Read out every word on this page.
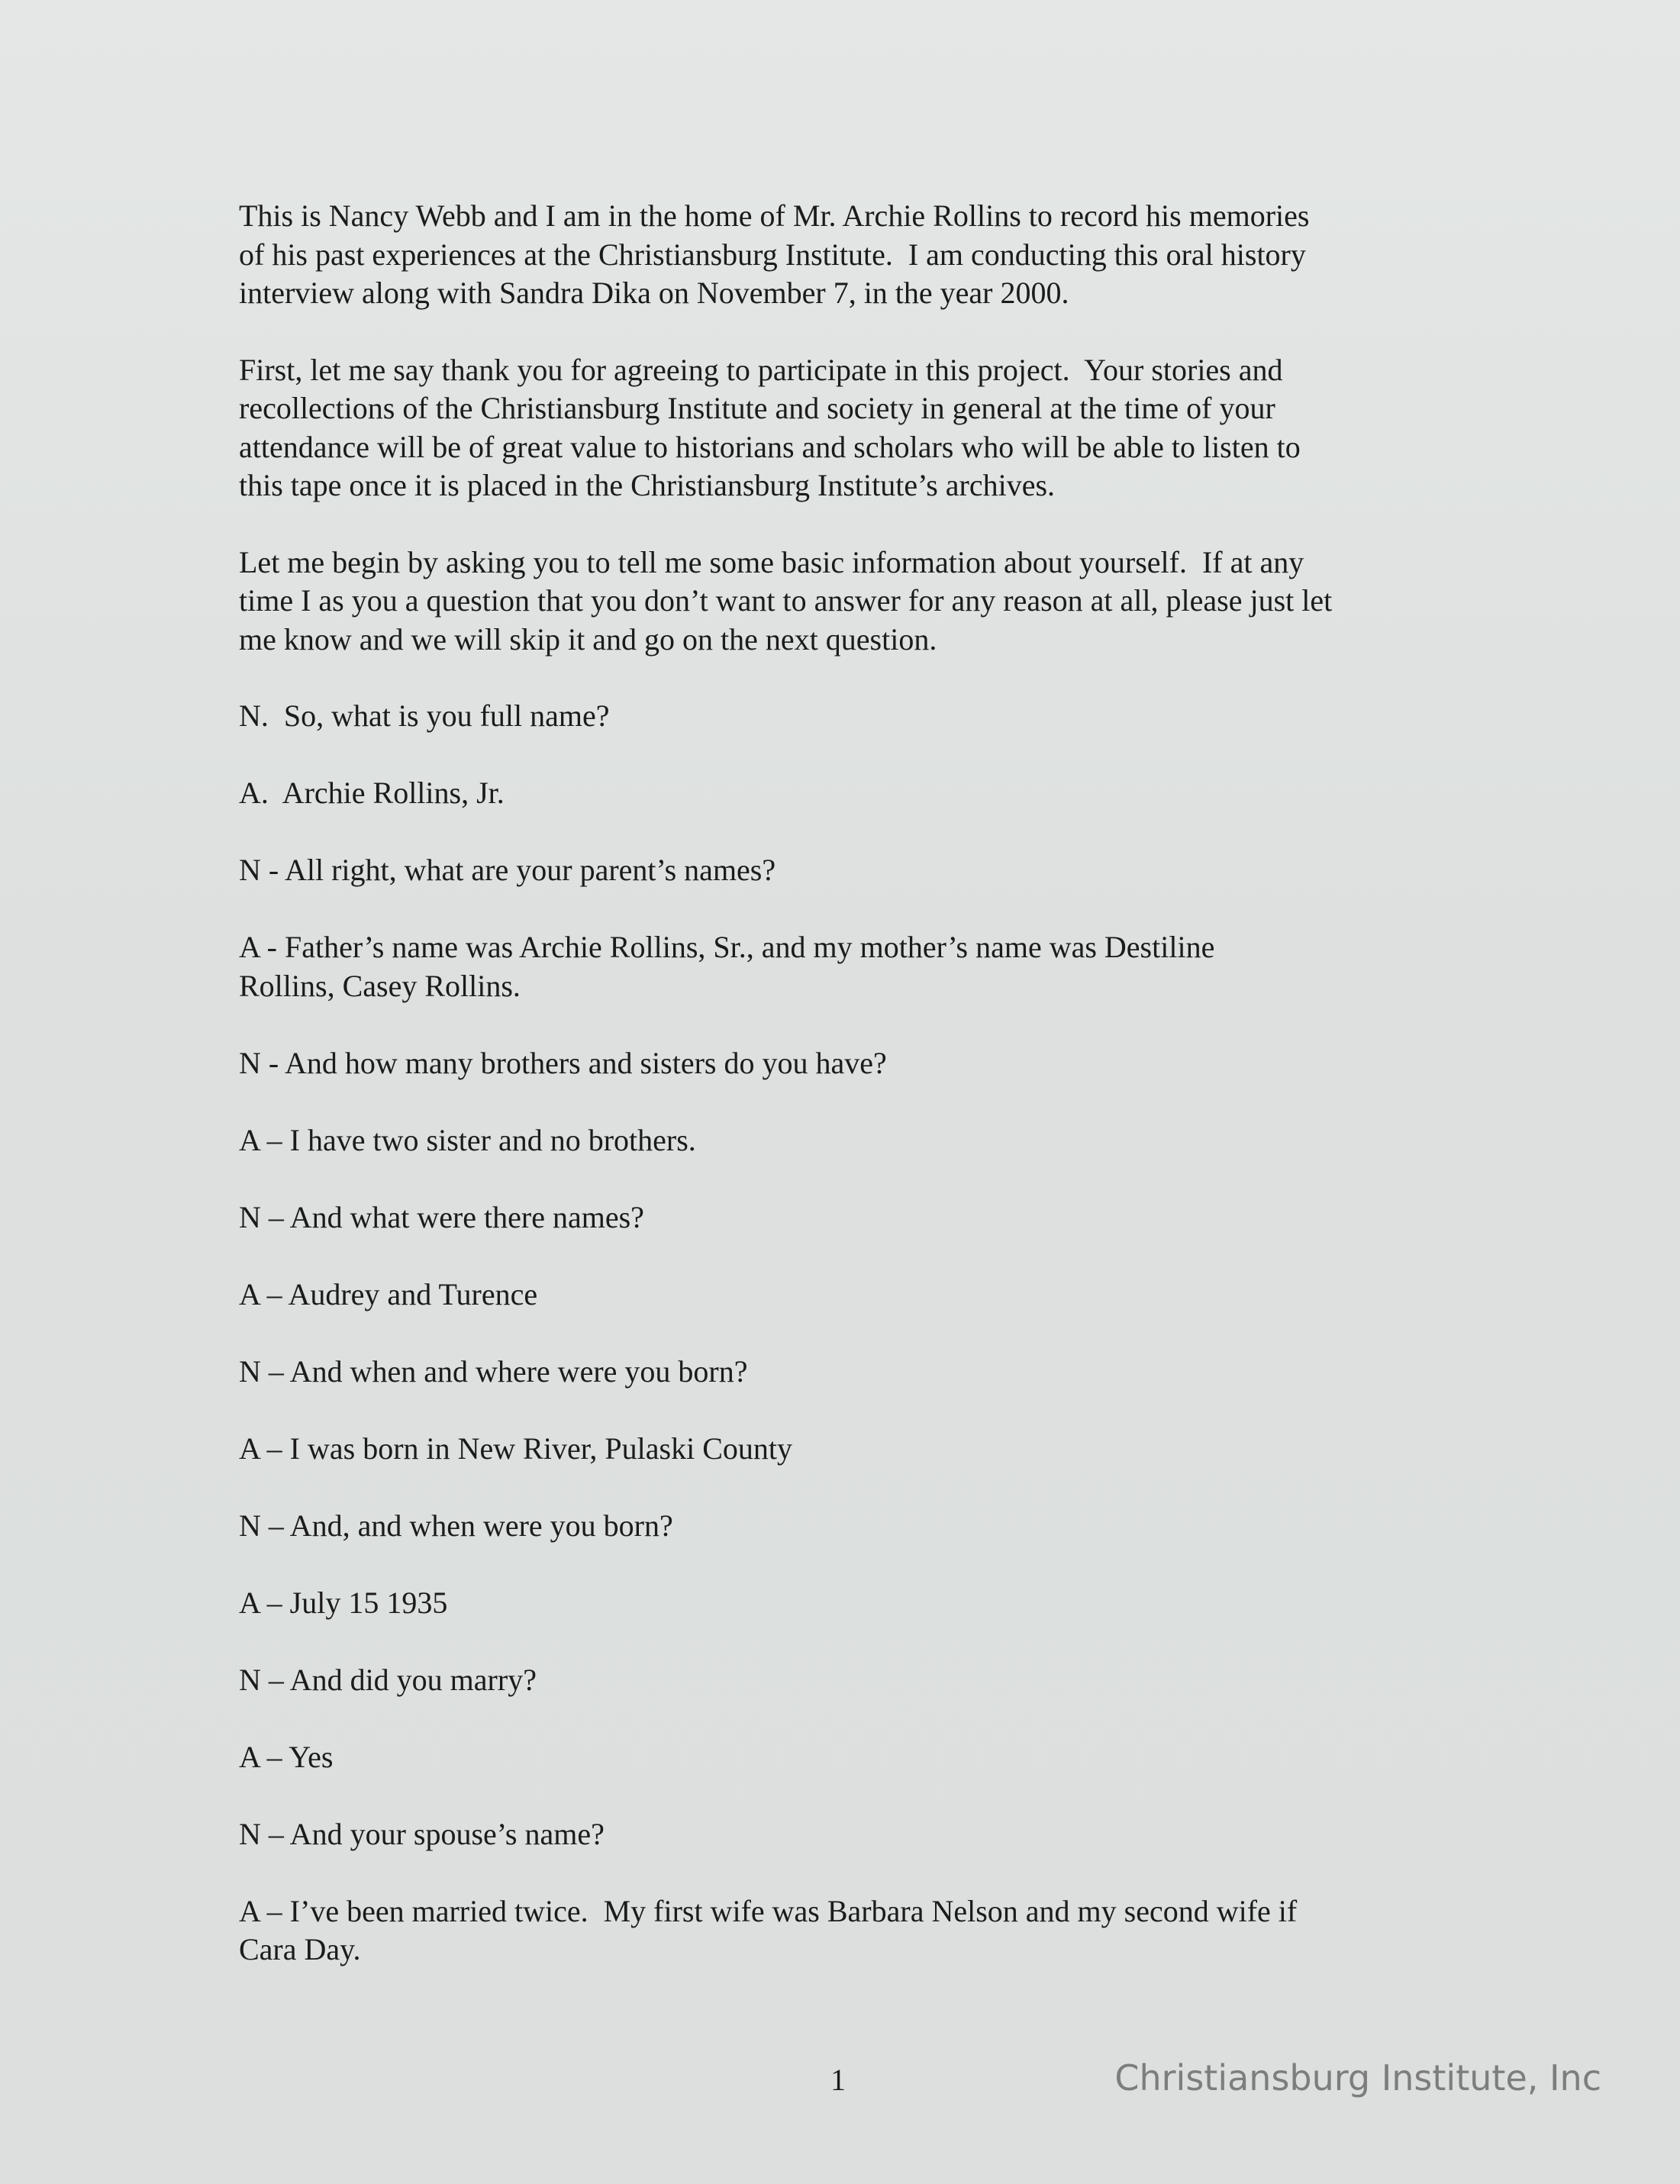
This is Nancy Webb and I am in the home of Mr. Archie Rollins to record his memories
of his past experiences at the Christiansburg Institute.  I am conducting this oral history
interview along with Sandra Dika on November 7, in the year 2000.
First, let me say thank you for agreeing to participate in this project.  Your stories and
recollections of the Christiansburg Institute and society in general at the time of your
attendance will be of great value to historians and scholars who will be able to listen to
this tape once it is placed in the Christiansburg Institute’s archives.
Let me begin by asking you to tell me some basic information about yourself.  If at any
time I as you a question that you don’t want to answer for any reason at all, please just let
me know and we will skip it and go on the next question.
N.  So, what is you full name?
A.  Archie Rollins, Jr.
N - All right, what are your parent’s names?
A - Father’s name was Archie Rollins, Sr., and my mother’s name was Destiline
Rollins, Casey Rollins.
N - And how many brothers and sisters do you have?
A – I have two sister and no brothers.
N – And what were there names?
A – Audrey and Turence
N – And when and where were you born?
A – I was born in New River, Pulaski County
N – And, and when were you born?
A – July 15 1935
N – And did you marry?
A – Yes
N – And your spouse’s name?
A – I’ve been married twice.  My first wife was Barbara Nelson and my second wife if
Cara Day.
1	Christiansburg Institute, Inc
